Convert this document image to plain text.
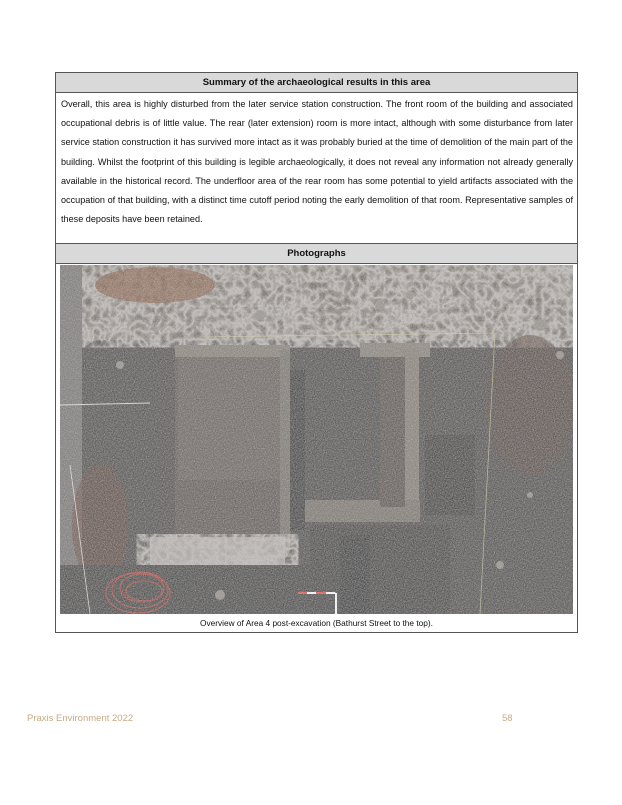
Summary of the archaeological results in this area
Overall, this area is highly disturbed from the later service station construction. The front room of the building and associated occupational debris is of little value. The rear (later extension) room is more intact, although with some disturbance from later service station construction it has survived more intact as it was probably buried at the time of demolition of the main part of the building. Whilst the footprint of this building is legible archaeologically, it does not reveal any information not already generally available in the historical record. The underfloor area of the rear room has some potential to yield artifacts associated with the occupation of that building, with a distinct time cutoff period noting the early demolition of that room. Representative samples of these deposits have been retained.
Photographs
Overview of Area 4 post-excavation (Bathurst Street to the top).
Praxis Environment 2022	58
